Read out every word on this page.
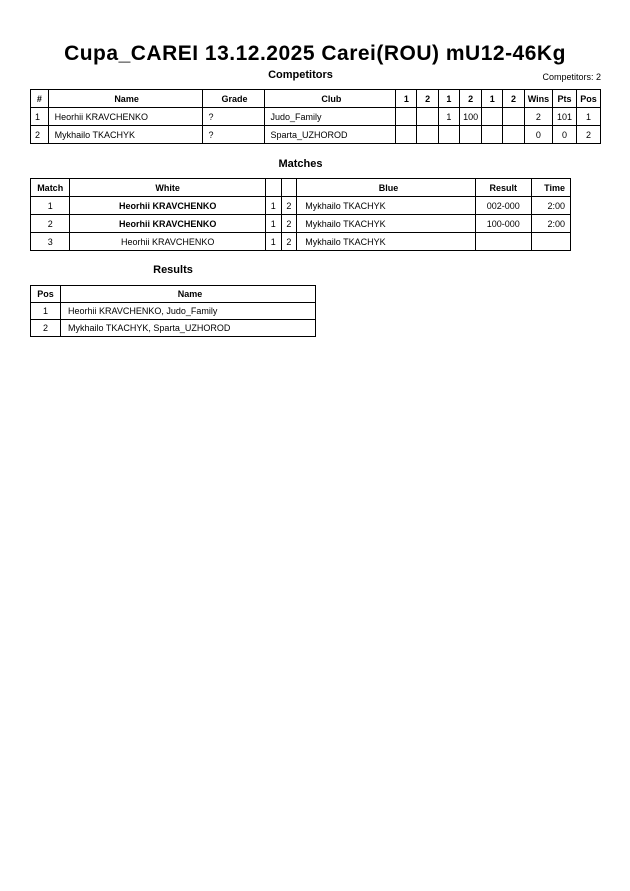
Cupa_CAREI 13.12.2025 Carei(ROU) mU12-46Kg
Competitors	Competitors: 2
#	Name	Grade	Club	1	2	1	2	1	2	Wins	Pts	Pos
1	Heorhii KRAVCHENKO	?	Judo_Family			1	100			2	101	1
2	Mykhailo TKACHYK	?	Sparta_UZHOROD							0	0	2
Matches
Match	White			Blue	Result	Time
1	Heorhii KRAVCHENKO	1	2	Mykhailo TKACHYK	002-000	2:00
2	Heorhii KRAVCHENKO	1	2	Mykhailo TKACHYK	100-000	2:00
3	Heorhii KRAVCHENKO	1	2	Mykhailo TKACHYK		
Results
Pos	Name
1	Heorhii KRAVCHENKO, Judo_Family
2	Mykhailo TKACHYK, Sparta_UZHOROD
